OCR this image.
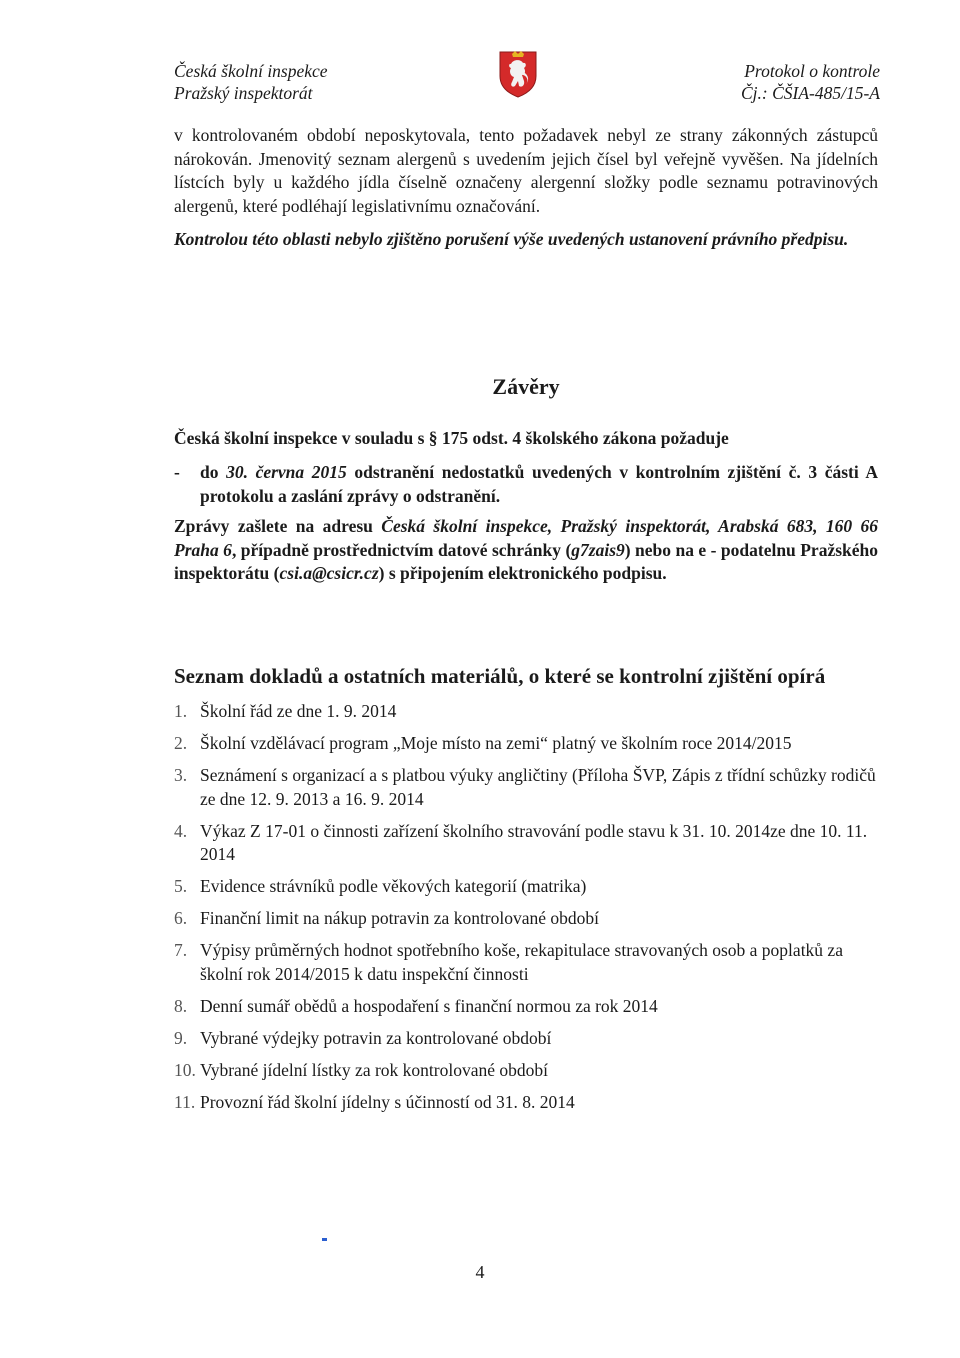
Česká školní inspekce
Pražský inspektorát
Protokol o kontrole
Čj.: ČŠIA-485/15-A

v kontrolovaném období neposkytovala, tento požadavek nebyl ze strany zákonných zástupců nárokován. Jmenovitý seznam alergenů s uvedením jejich čísel byl veřejně vyvěšen. Na jídelních lístcích byly u každého jídla číselně označeny alergenní složky podle seznamu potravinových alergenů, které podléhají legislativnímu označování.

Kontrolou této oblasti nebylo zjištěno porušení výše uvedených ustanovení právního předpisu.

Závěry
Česká školní inspekce v souladu s § 175 odst. 4 školského zákona požaduje
- do 30. června 2015 odstranění nedostatků uvedených v kontrolním zjištění č. 3 části A protokolu a zaslání zprávy o odstranění.

Zprávy zašlete na adresu Česká školní inspekce, Pražský inspektorát, Arabská 683, 160 66 Praha 6, případně prostřednictvím datové schránky (g7zais9) nebo na e - podatelnu Pražského inspektorátu (csi.a@csicr.cz) s připojením elektronického podpisu.

Seznam dokladů a ostatních materiálů, o které se kontrolní zjištění opírá
1. Školní řád ze dne 1. 9. 2014
2. Školní vzdělávací program „Moje místo na zemi“ platný ve školním roce 2014/2015
3. Seznámení s organizací a s platbou výuky angličtiny (Příloha ŠVP, Zápis z třídní schůzky rodičů ze dne 12. 9. 2013 a 16. 9. 2014
4. Výkaz Z 17-01 o činnosti zařízení školního stravování podle stavu k 31. 10. 2014ze dne 10. 11. 2014
5. Evidence strávníků podle věkových kategorií (matrika)
6. Finanční limit na nákup potravin za kontrolované období
7. Výpisy průměrných hodnot spotřebního koše, rekapitulace stravovaných osob a poplatků za školní rok 2014/2015 k datu inspekční činnosti
8. Denní sumář obědů a hospodaření s finanční normou za rok 2014
9. Vybrané výdejky potravin za kontrolované období
10. Vybrané jídelní lístky za rok kontrolované období
11. Provozní řád školní jídelny s účinností od 31. 8. 2014
4
